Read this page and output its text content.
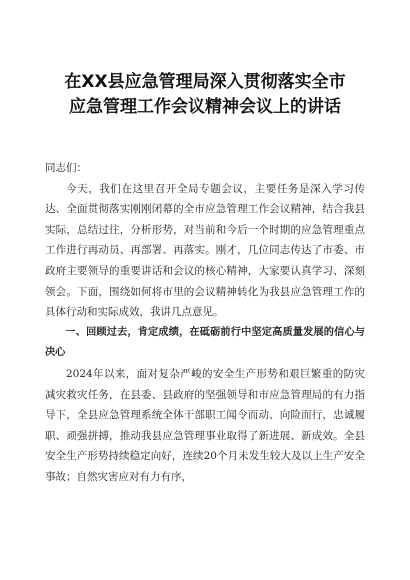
在XX县应急管理局深入贯彻落实全市
应急管理工作会议精神会议上的讲话

同志们：

今天，我们在这里召开全局专题会议，主要任务是深入学习传达、全面贯彻落实刚刚闭幕的全市应急管理工作会议精神，结合我县实际，总结过往，分析形势，对当前和今后一个时期的应急管理重点工作进行再动员、再部署、再落实。刚才，几位同志传达了市委、市政府主要领导的重要讲话和会议的核心精神，大家要认真学习、深刻领会。下面，围绕如何将市里的会议精神转化为我县应急管理工作的具体行动和实际成效，我讲几点意见。

一、回顾过去，肯定成绩，在砥砺前行中坚定高质量发展的信心与决心

2024年以来，面对复杂严峻的安全生产形势和艰巨繁重的防灾减灾救灾任务，在县委、县政府的坚强领导和市应急管理局的有力指导下，全县应急管理系统全体干部职工闻令而动、向险而行，忠诚履职、顽强拼搏，推动我县应急管理事业取得了新进展、新成效。全县安全生产形势持续稳定向好，连续20个月未发生较大及以上生产安全事故；自然灾害应对有力有序，
